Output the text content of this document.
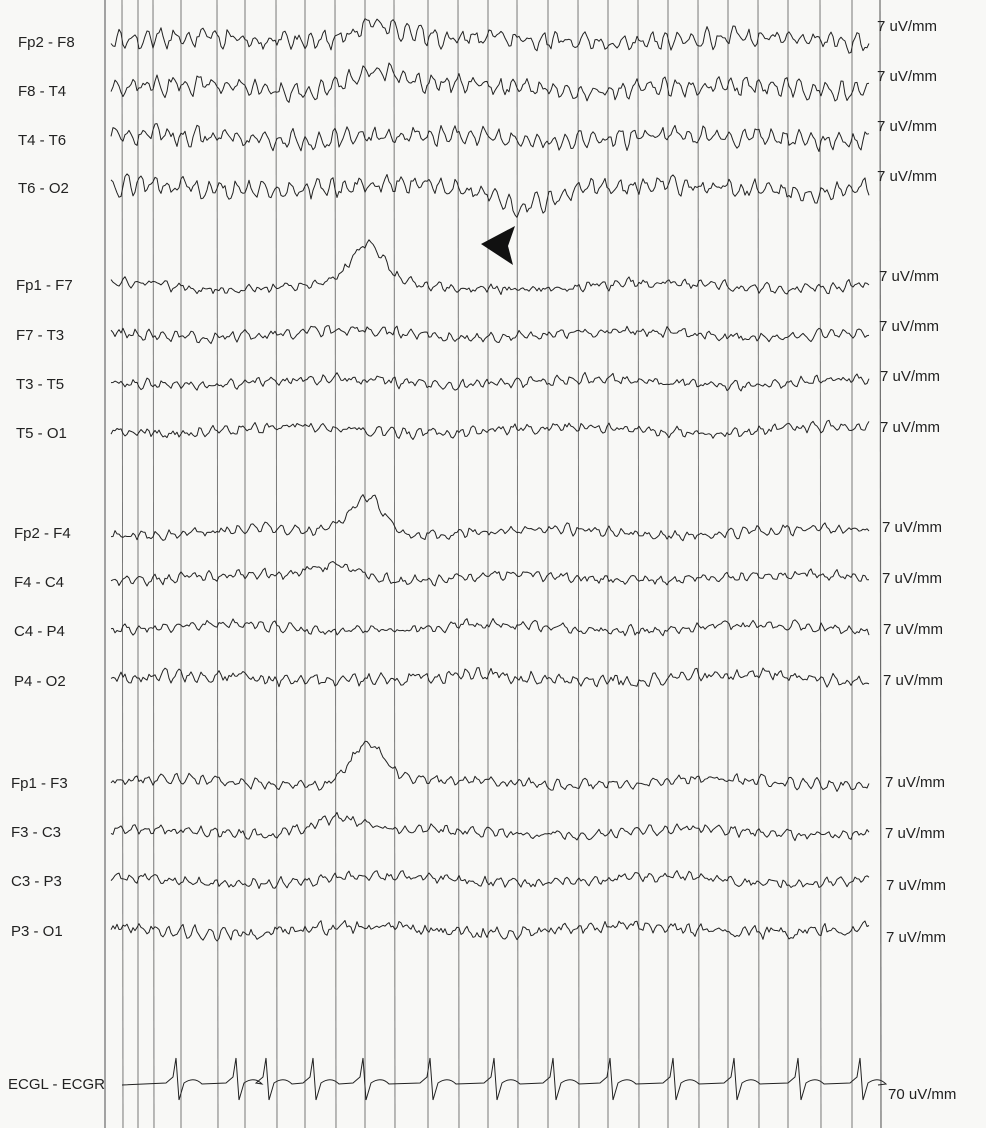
Fp2 - F8
F8 - T4
T4 - T6
T6 - O2
Fp1 - F7
F7 - T3
T3 - T5
T5 - O1
Fp2 - F4
F4 - C4
C4 - P4
P4 - O2
Fp1 - F3
F3 - C3
C3 - P3
P3 - O1
ECGL - ECGR
7 uV/mm
7 uV/mm
7 uV/mm
7 uV/mm
7 uV/mm
7 uV/mm
7 uV/mm
7 uV/mm
7 uV/mm
7 uV/mm
7 uV/mm
7 uV/mm
7 uV/mm
7 uV/mm
7 uV/mm
7 uV/mm
70 uV/mm
